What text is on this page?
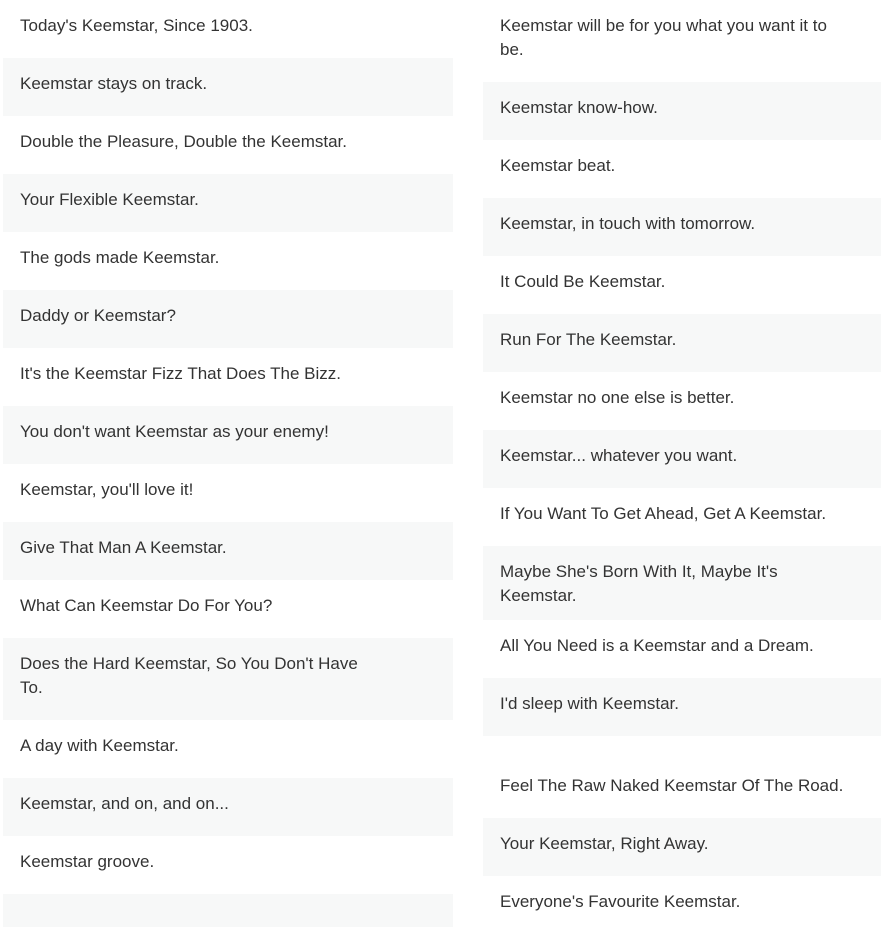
Today's Keemstar, Since 1903.
Keemstar stays on track.
Double the Pleasure, Double the Keemstar.
Your Flexible Keemstar.
The gods made Keemstar.
Daddy or Keemstar?
It's the Keemstar Fizz That Does The Bizz.
You don't want Keemstar as your enemy!
Keemstar, you'll love it!
Give That Man A Keemstar.
What Can Keemstar Do For You?
Does the Hard Keemstar, So You Don't Have To.
A day with Keemstar.
Keemstar, and on, and on...
Keemstar groove.
Keemstar will be for you what you want it to be.
Keemstar know-how.
Keemstar beat.
Keemstar, in touch with tomorrow.
It Could Be Keemstar.
Run For The Keemstar.
Keemstar no one else is better.
Keemstar... whatever you want.
If You Want To Get Ahead, Get A Keemstar.
Maybe She's Born With It, Maybe It's Keemstar.
All You Need is a Keemstar and a Dream.
I'd sleep with Keemstar.
Feel The Raw Naked Keemstar Of The Road.
Your Keemstar, Right Away.
Everyone's Favourite Keemstar.
